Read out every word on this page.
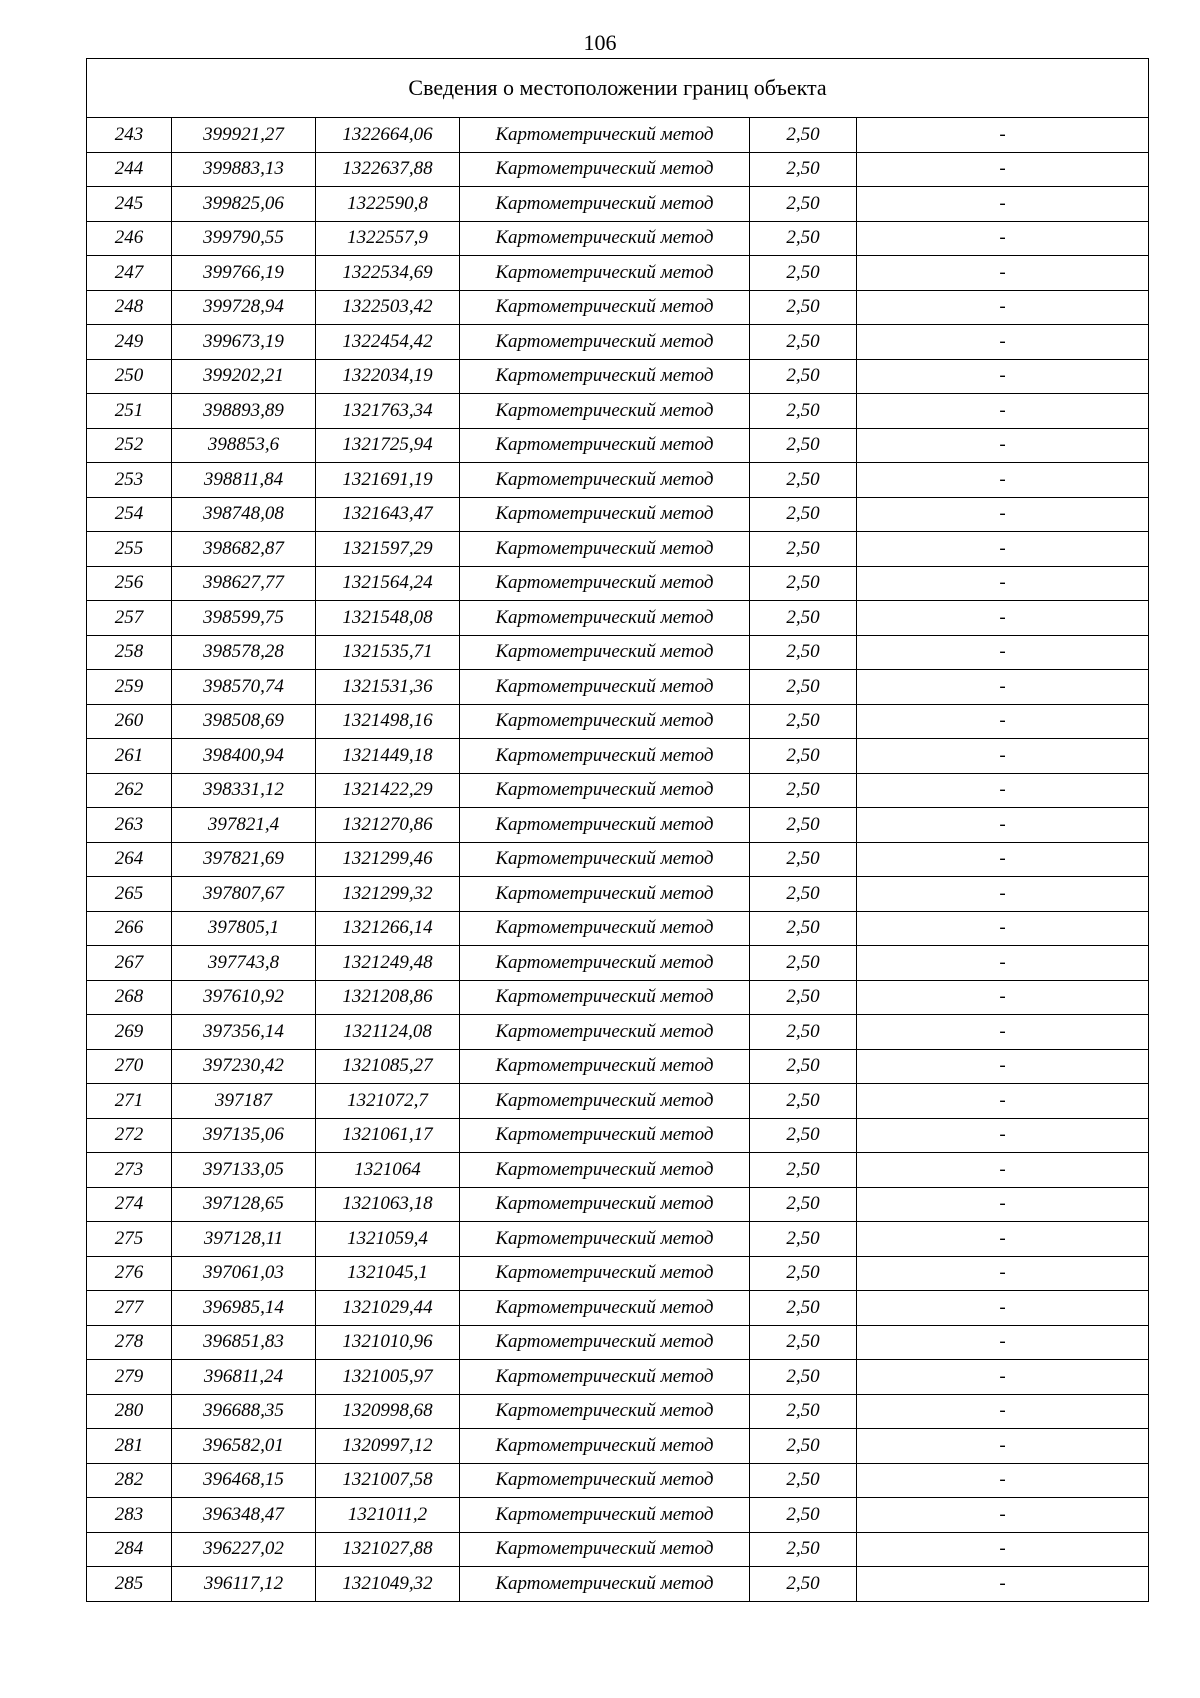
106
Сведения о местоположении границ объекта					
243	399921,27	1322664,06	Картометрический метод	2,50	-
244	399883,13	1322637,88	Картометрический метод	2,50	-
245	399825,06	1322590,8	Картометрический метод	2,50	-
246	399790,55	1322557,9	Картометрический метод	2,50	-
247	399766,19	1322534,69	Картометрический метод	2,50	-
248	399728,94	1322503,42	Картометрический метод	2,50	-
249	399673,19	1322454,42	Картометрический метод	2,50	-
250	399202,21	1322034,19	Картометрический метод	2,50	-
251	398893,89	1321763,34	Картометрический метод	2,50	-
252	398853,6	1321725,94	Картометрический метод	2,50	-
253	398811,84	1321691,19	Картометрический метод	2,50	-
254	398748,08	1321643,47	Картометрический метод	2,50	-
255	398682,87	1321597,29	Картометрический метод	2,50	-
256	398627,77	1321564,24	Картометрический метод	2,50	-
257	398599,75	1321548,08	Картометрический метод	2,50	-
258	398578,28	1321535,71	Картометрический метод	2,50	-
259	398570,74	1321531,36	Картометрический метод	2,50	-
260	398508,69	1321498,16	Картометрический метод	2,50	-
261	398400,94	1321449,18	Картометрический метод	2,50	-
262	398331,12	1321422,29	Картометрический метод	2,50	-
263	397821,4	1321270,86	Картометрический метод	2,50	-
264	397821,69	1321299,46	Картометрический метод	2,50	-
265	397807,67	1321299,32	Картометрический метод	2,50	-
266	397805,1	1321266,14	Картометрический метод	2,50	-
267	397743,8	1321249,48	Картометрический метод	2,50	-
268	397610,92	1321208,86	Картометрический метод	2,50	-
269	397356,14	1321124,08	Картометрический метод	2,50	-
270	397230,42	1321085,27	Картометрический метод	2,50	-
271	397187	1321072,7	Картометрический метод	2,50	-
272	397135,06	1321061,17	Картометрический метод	2,50	-
273	397133,05	1321064	Картометрический метод	2,50	-
274	397128,65	1321063,18	Картометрический метод	2,50	-
275	397128,11	1321059,4	Картометрический метод	2,50	-
276	397061,03	1321045,1	Картометрический метод	2,50	-
277	396985,14	1321029,44	Картометрический метод	2,50	-
278	396851,83	1321010,96	Картометрический метод	2,50	-
279	396811,24	1321005,97	Картометрический метод	2,50	-
280	396688,35	1320998,68	Картометрический метод	2,50	-
281	396582,01	1320997,12	Картометрический метод	2,50	-
282	396468,15	1321007,58	Картометрический метод	2,50	-
283	396348,47	1321011,2	Картометрический метод	2,50	-
284	396227,02	1321027,88	Картометрический метод	2,50	-
285	396117,12	1321049,32	Картометрический метод	2,50	-
